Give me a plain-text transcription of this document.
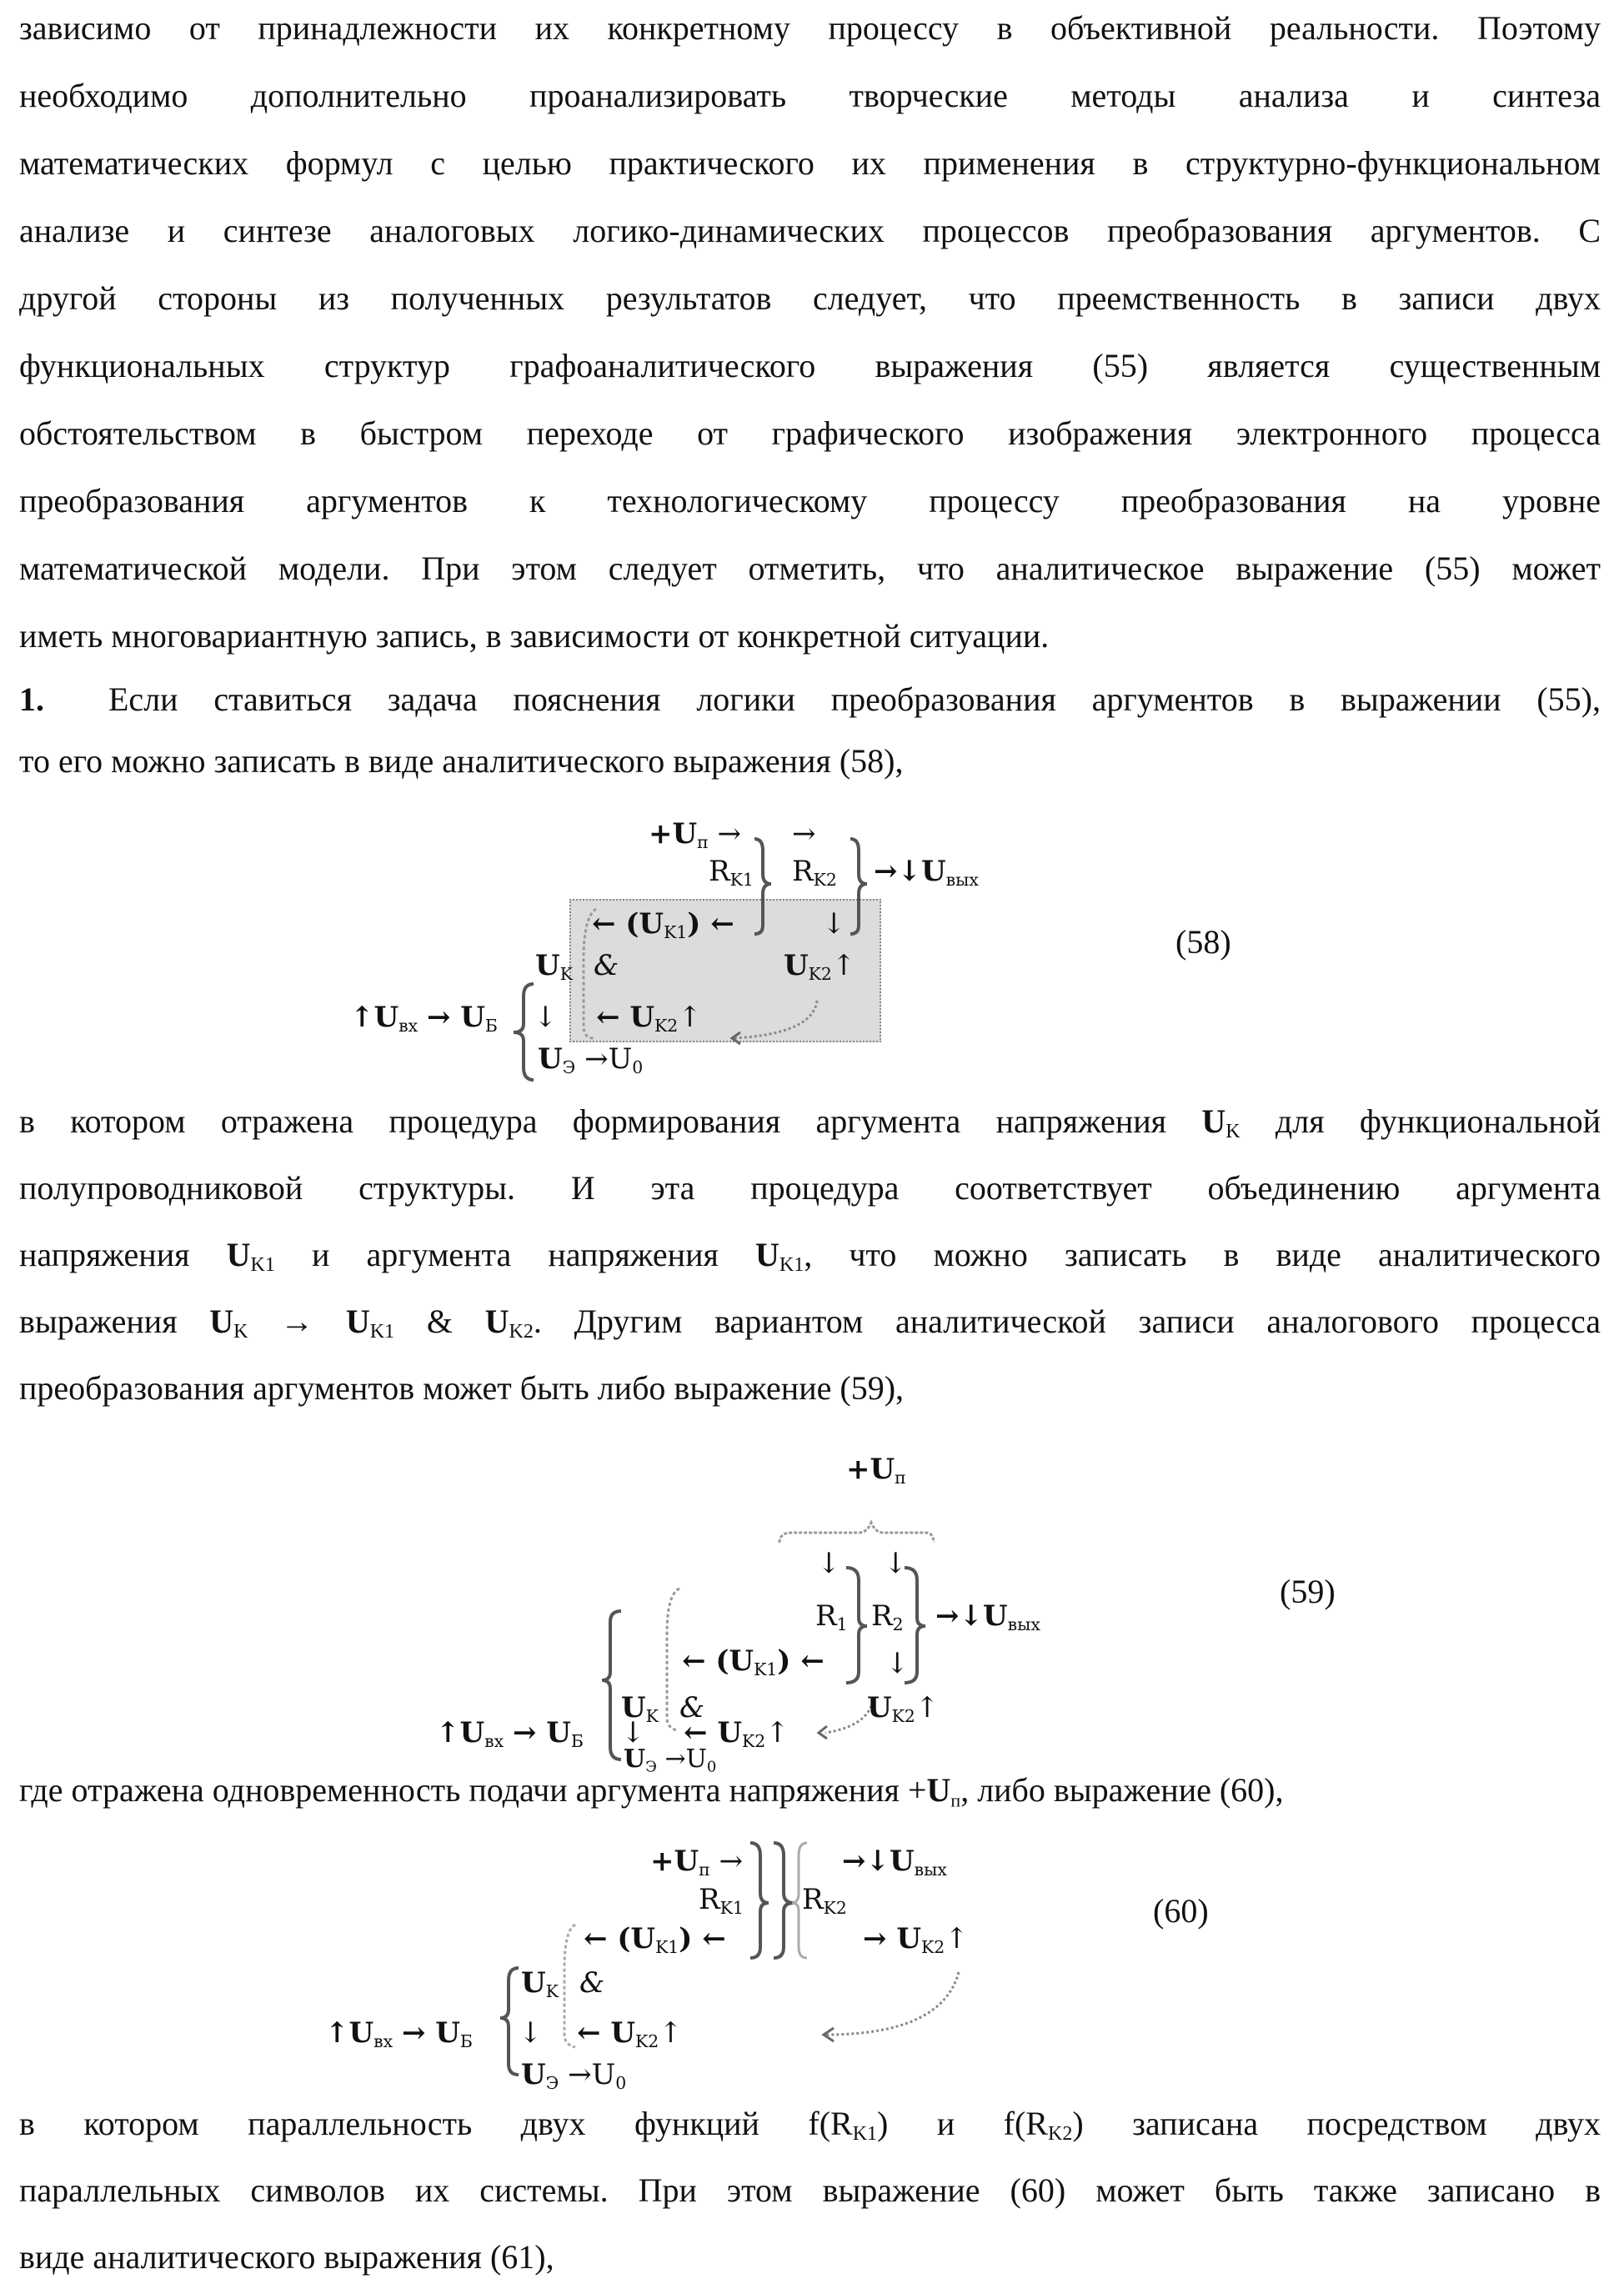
зависимо от принадлежности их конкретному процессу в объективной реальности. Поэтому
необходимо дополнительно проанализировать творческие методы анализа и синтеза
математических формул с целью практического их применения в структурно-функциональном
анализе и синтезе аналоговых логико-динамических процессов преобразования аргументов. С
другой стороны из полученных результатов следует, что преемственность в записи двух
функциональных структур графоаналитического выражения (55) является существенным
обстоятельством в быстром переходе от графического изображения электронного процесса
преобразования аргументов к технологическому процессу преобразования на уровне
математической модели. При этом следует отметить, что аналитическое выражение (55) может
иметь многовариантную запись, в зависимости от конкретной ситуации.
1. Если ставиться задача пояснения логики преобразования аргументов в выражении (55),
то его можно записать в виде аналитического выражения (58),
+Uп → →
RK1 RK2 →↓Uвых
← (UK1) ←	↓
UK &	UK2↑
↑Uвх → UБ ↓ ← UK2↑
UЭ →U0
(58)
в котором отражена процедура формирования аргумента напряжения UK для функциональной
полупроводниковой структуры. И эта процедура соответствует объединению аргумента
напряжения UK1 и аргумента напряжения UK1, что можно записать в виде аналитического
выражения UK → UK1 & UK2. Другим вариантом аналитической записи аналогового процесса
преобразования аргументов может быть либо выражение (59),
+Uп
↓ ↓
R1 R2 →↓Uвых
← (UK1) ← ↓
UK &	UK2↑
↑Uвх → UБ ↓ ← UK2↑
UЭ →U0
(59)
где отражена одновременность подачи аргумента напряжения +Uп, либо выражение (60),
+Uп →	→↓Uвых
RK1 RK2
← (UK1) ←	→ UK2↑
UK &
↑Uвх → UБ ↓ ← UK2↑
UЭ →U0
(60)
в котором параллельность двух функций f(RK1) и f(RK2) записана посредством двух
параллельных символов их системы. При этом выражение (60) может быть также записано в
виде аналитического выражения (61),
